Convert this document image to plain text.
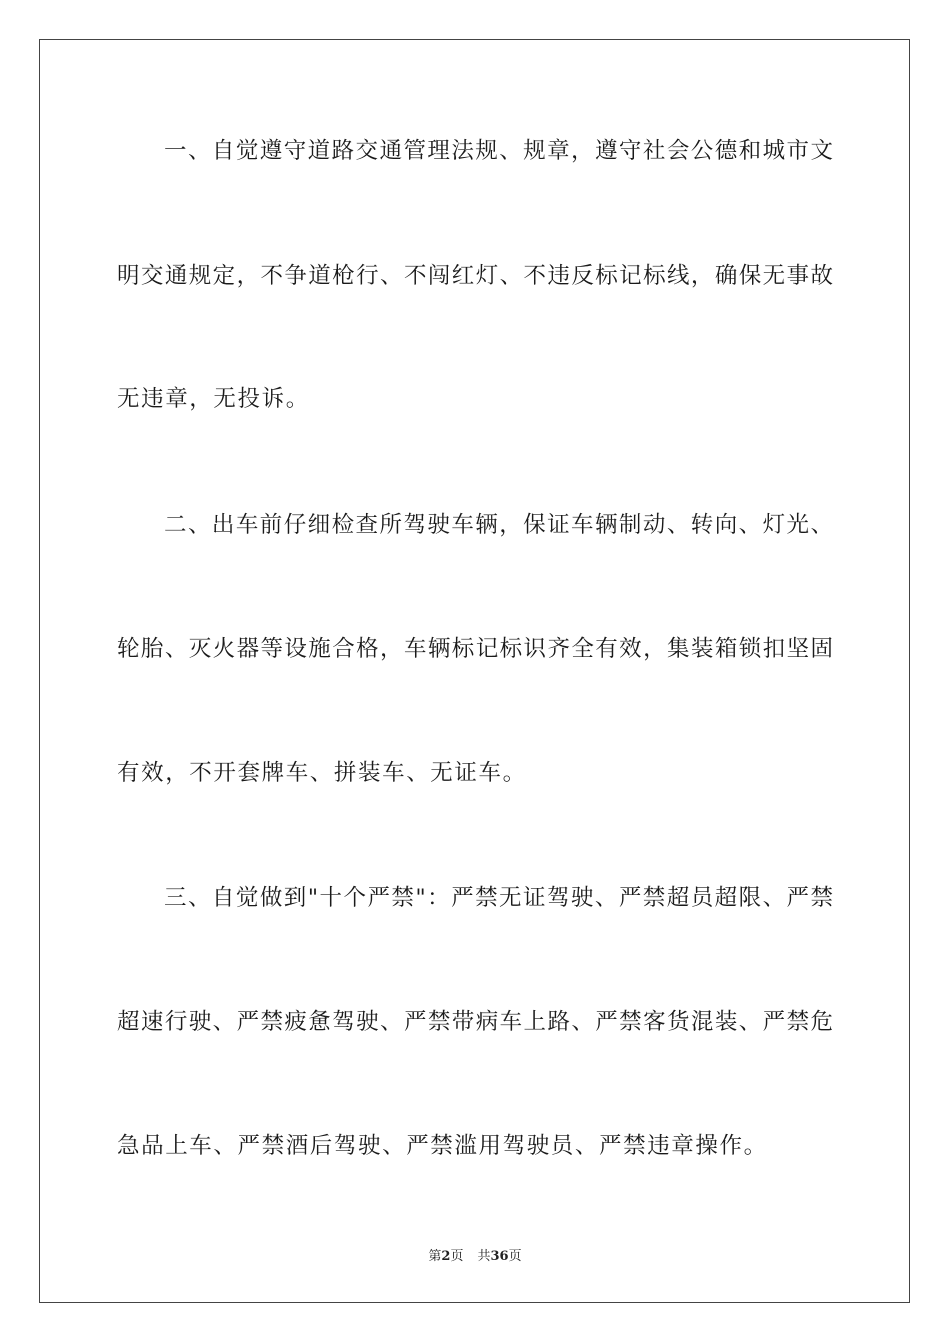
一、自觉遵守道路交通管理法规、规章，遵守社会公德和城市文
明交通规定，不争道枪行、不闯红灯、不违反标记标线，确保无事故
无违章，无投诉。
二、出车前仔细检查所驾驶车辆，保证车辆制动、转向、灯光、
轮胎、灭火器等设施合格，车辆标记标识齐全有效，集装箱锁扣坚固
有效，不开套牌车、拼装车、无证车。
三、自觉做到"十个严禁"：严禁无证驾驶、严禁超员超限、严禁
超速行驶、严禁疲惫驾驶、严禁带病车上路、严禁客货混装、严禁危
急品上车、严禁酒后驾驶、严禁滥用驾驶员、严禁违章操作。
第2页 共36页
